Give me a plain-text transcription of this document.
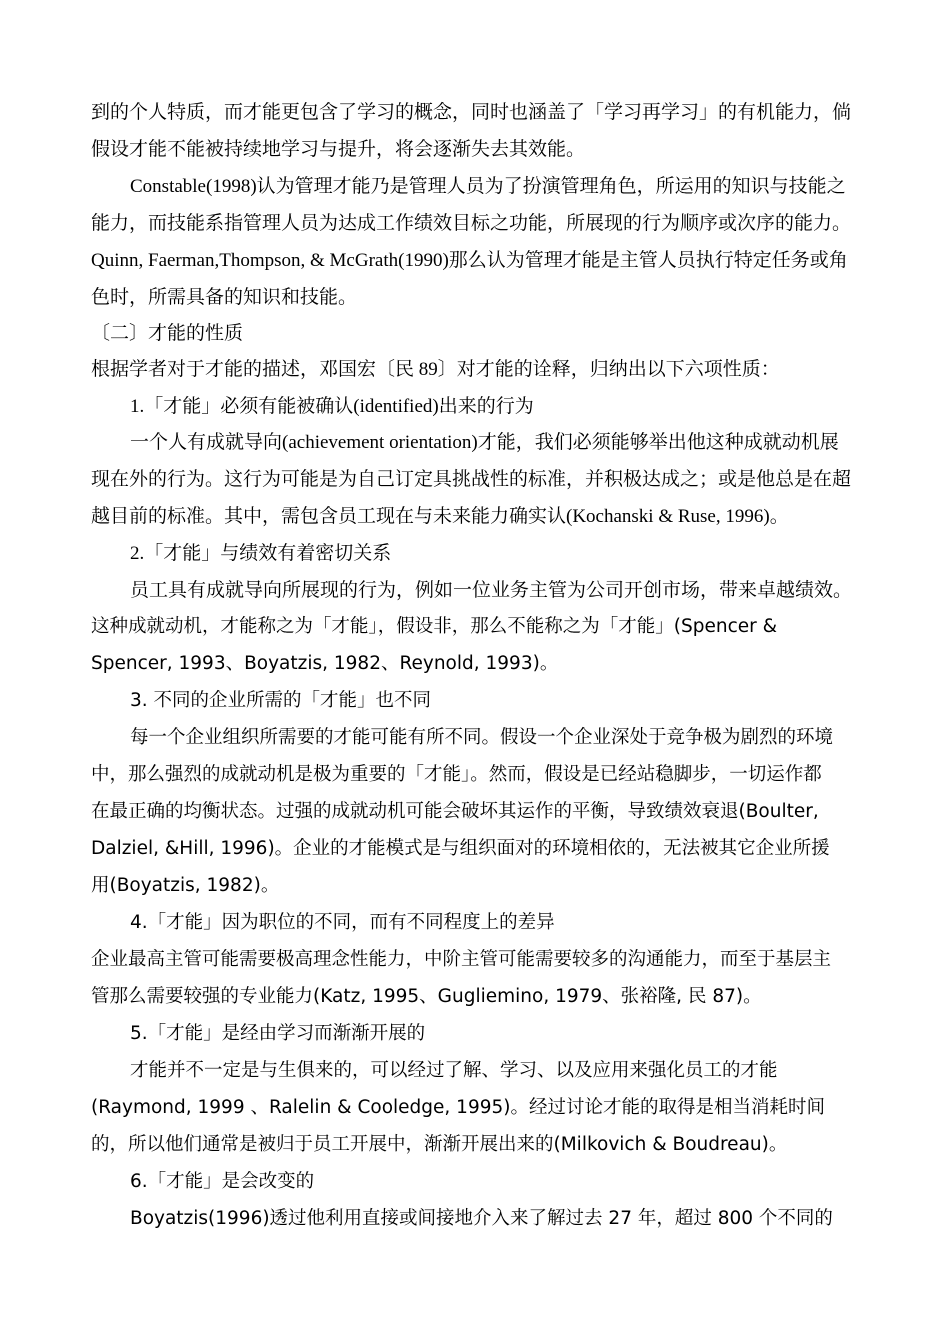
到的个人特质，而才能更包含了学习的概念，同时也涵盖了「学习再学习」的有机能力，倘
假设才能不能被持续地学习与提升，将会逐渐失去其效能。
Constable(1998)认为管理才能乃是管理人员为了扮演管理角色，所运用的知识与技能之
能力，而技能系指管理人员为达成工作绩效目标之功能，所展现的行为顺序或次序的能力。
Quinn, Faerman,Thompson, & McGrath(1990)那么认为管理才能是主管人员执行特定任务或角
色时，所需具备的知识和技能。
〔二〕才能的性质
根据学者对于才能的描述，邓国宏〔民 89〕对才能的诠释，归纳出以下六项性质：
1.「才能」必须有能被确认(identified)出来的行为
一个人有成就导向(achievement orientation)才能，我们必须能够举出他这种成就动机展
现在外的行为。这行为可能是为自己订定具挑战性的标准，并积极达成之；或是他总是在超
越目前的标准。其中，需包含员工现在与未来能力确实认(Kochanski & Ruse, 1996)。
2.「才能」与绩效有着密切关系
员工具有成就导向所展现的行为，例如一位业务主管为公司开创市场，带来卓越绩效。
这种成就动机，才能称之为「才能」，假设非，那么不能称之为「才能」(Spencer &
Spencer, 1993、Boyatzis, 1982、Reynold, 1993)。
3. 不同的企业所需的「才能」也不同
每一个企业组织所需要的才能可能有所不同。假设一个企业深处于竞争极为剧烈的环境
中，那么强烈的成就动机是极为重要的「才能」。然而，假设是已经站稳脚步，一切运作都
在最正确的均衡状态。过强的成就动机可能会破坏其运作的平衡，导致绩效衰退(Boulter,
Dalziel, &Hill, 1996)。企业的才能模式是与组织面对的环境相依的，无法被其它企业所援
用(Boyatzis, 1982)。
4.「才能」因为职位的不同，而有不同程度上的差异
企业最高主管可能需要极高理念性能力，中阶主管可能需要较多的沟通能力，而至于基层主
管那么需要较强的专业能力(Katz, 1995、Gugliemino, 1979、张裕隆, 民 87)。
5.「才能」是经由学习而渐渐开展的
才能并不一定是与生俱来的，可以经过了解、学习、以及应用来强化员工的才能
(Raymond, 1999 、Ralelin & Cooledge, 1995)。经过讨论才能的取得是相当消耗时间
的，所以他们通常是被归于员工开展中，渐渐开展出来的(Milkovich & Boudreau)。
6.「才能」是会改变的
Boyatzis(1996)透过他利用直接或间接地介入来了解过去 27 年，超过 800 个不同的
